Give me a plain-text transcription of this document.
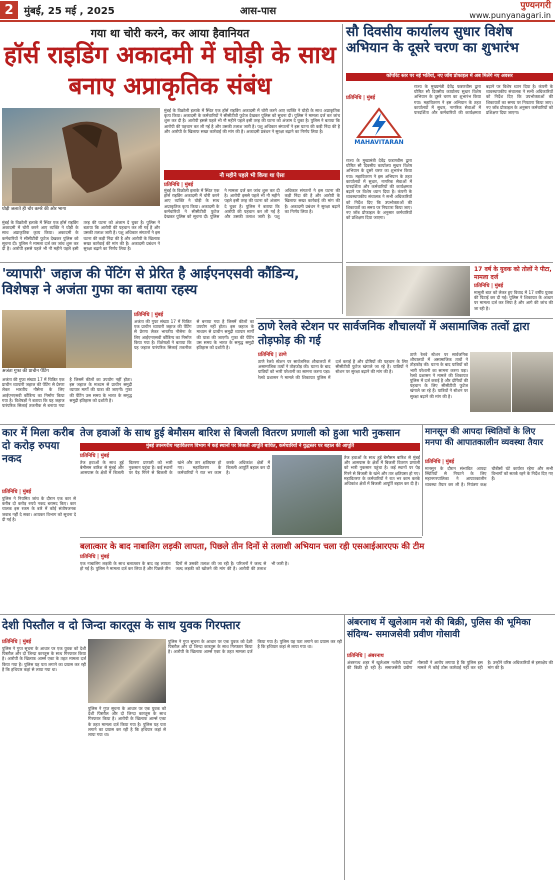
2	मुंबई, 25 मई , 2025	आस-पास	पुण्यनगरी
www.punyanagari.in
गया था चोरी करने, कर आया हैवानियत
हॉर्स राइडिंग अकादमी में घोड़ी के साथ बनाए अप्राकृतिक संबंध
घोड़ी जलाते ही चोर कमरे की ओर भागा
मुंबई के विक्रोली इलाके में स्थित एक हॉर्स राइडिंग अकादमी में चोरी करने आए व्यक्ति ने घोड़ी के साथ अप्राकृतिक कृत्य किया। अकादमी के कर्मचारियों ने सीसीटीवी फुटेज देखकर पुलिस को सूचना दी। पुलिस ने मामला दर्ज कर जांच शुरू कर दी है। आरोपी इससे पहले भी नौ महीने पहले इसी तरह की घटना को अंजाम दे चुका है। पुलिस ने बताया कि आरोपी की पहचान कर ली गई है और उसकी तलाश जारी है। पशु अधिकार संगठनों ने इस घटना की कड़ी निंदा की है और आरोपी के खिलाफ सख्त कार्रवाई की मांग की है। अकादमी प्रबंधन ने सुरक्षा बढ़ाने का निर्णय लिया है।
मुंबई के विक्रोली इलाके में स्थित एक हॉर्स राइडिंग अकादमी में चोरी करने आए व्यक्ति ने घोड़ी के साथ अप्राकृतिक कृत्य किया। अकादमी के कर्मचारियों ने सीसीटीवी फुटेज देखकर पुलिस को सूचना दी। पुलिस ने मामला दर्ज कर जांच शुरू कर दी है। आरोपी इससे पहले भी नौ महीने पहले इसी तरह की घटना को अंजाम दे चुका है। पुलिस ने बताया कि आरोपी की पहचान कर ली गई है और उसकी तलाश जारी है। पशु अधिकार संगठनों ने इस घटना की कड़ी निंदा की है और आरोपी के खिलाफ सख्त कार्रवाई की मांग की है। अकादमी प्रबंधन ने सुरक्षा बढ़ाने का निर्णय लिया है।
नौ महीने पहले भी किया था ऐसा
प्रतिनिधि | मुंबई
मुंबई के विक्रोली इलाके में स्थित एक हॉर्स राइडिंग अकादमी में चोरी करने आए व्यक्ति ने घोड़ी के साथ अप्राकृतिक कृत्य किया। अकादमी के कर्मचारियों ने सीसीटीवी फुटेज देखकर पुलिस को सूचना दी। पुलिस ने मामला दर्ज कर जांच शुरू कर दी है। आरोपी इससे पहले भी नौ महीने पहले इसी तरह की घटना को अंजाम दे चुका है। पुलिस ने बताया कि आरोपी की पहचान कर ली गई है और उसकी तलाश जारी है। पशु अधिकार संगठनों ने इस घटना की कड़ी निंदा की है और आरोपी के खिलाफ सख्त कार्रवाई की मांग की है। अकादमी प्रबंधन ने सुरक्षा बढ़ाने का निर्णय लिया है।
सौ दिवसीय कार्यालय सुधार विशेष अभियान के दूसरे चरण का शुभारंभ
कॉर्पोरेट स्तर पर नई भर्तियां, नए जॉब प्रोफाइल में अब मिलेंगे नए अवसर
प्रतिनिधि | मुंबई
MAHAVITARAN
राज्य के मुख्यमंत्री देवेंद्र फडणवीस द्वारा घोषित सौ दिवसीय कार्यालय सुधार विशेष अभियान के दूसरे चरण का शुभारंभ किया गया। महावितरण ने इस अभियान के तहत कार्यालयों में सुधार, नागरिक सेवाओं में पारदर्शिता और कर्मचारियों की कार्यक्षमता बढ़ाने पर विशेष ध्यान दिया है। कंपनी के व्यवस्थापकीय संचालक ने सभी अधिकारियों को निर्देश दिए कि उपभोक्ताओं की शिकायतों का समय पर निपटारा किया जाए। नए जॉब प्रोफाइल के अनुसार कर्मचारियों को प्रशिक्षण दिया जाएगा।
राज्य के मुख्यमंत्री देवेंद्र फडणवीस द्वारा घोषित सौ दिवसीय कार्यालय सुधार विशेष अभियान के दूसरे चरण का शुभारंभ किया गया। महावितरण ने इस अभियान के तहत कार्यालयों में सुधार, नागरिक सेवाओं में पारदर्शिता और कर्मचारियों की कार्यक्षमता बढ़ाने पर विशेष ध्यान दिया है। कंपनी के व्यवस्थापकीय संचालक ने सभी अधिकारियों को निर्देश दिए कि उपभोक्ताओं की शिकायतों का समय पर निपटारा किया जाए। नए जॉब प्रोफाइल के अनुसार कर्मचारियों को प्रशिक्षण दिया जाएगा।
17 वर्ष के युवक को तोलों ने पीटा, मामला दर्ज
प्रतिनिधि | मुंबई
मामूली बात को लेकर हुए विवाद में 17 वर्षीय युवक की पिटाई कर दी गई। पुलिस ने शिकायत के आधार पर मामला दर्ज कर लिया है और आगे की जांच की जा रही है।
'व्यापारी' जहाज की पेंटिंग से प्रेरित है आईएनएसवी कौंडिन्य, विशेषज्ञ ने अजंता गुफा का बताया रहस्य
अजंता गुफा की प्राचीन पेंटिंग
अजंता की गुफा संख्या 17 में चित्रित एक प्राचीन व्यापारी जहाज की पेंटिंग से प्रेरणा लेकर भारतीय नौसेना के लिए आईएनएसवी कौंडिन्य का निर्माण किया गया है। विशेषज्ञों ने बताया कि यह जहाज पारंपरिक सिलाई तकनीक से बनाया गया है जिसमें कीलों का उपयोग नहीं होता। इस जहाज के माध्यम से प्राचीन समुद्री व्यापार मार्गों की यात्रा की जाएगी। गुफा की पेंटिंग उस समय के भारत के समृद्ध समुद्री इतिहास को दर्शाती है।
प्रतिनिधि | मुंबई
अजंता की गुफा संख्या 17 में चित्रित एक प्राचीन व्यापारी जहाज की पेंटिंग से प्रेरणा लेकर भारतीय नौसेना के लिए आईएनएसवी कौंडिन्य का निर्माण किया गया है। विशेषज्ञों ने बताया कि यह जहाज पारंपरिक सिलाई तकनीक से बनाया गया है जिसमें कीलों का उपयोग नहीं होता। इस जहाज के माध्यम से प्राचीन समुद्री व्यापार मार्गों की यात्रा की जाएगी। गुफा की पेंटिंग उस समय के भारत के समृद्ध समुद्री इतिहास को दर्शाती है।
ठाणे रेलवे स्टेशन पर सार्वजनिक शौचालयों में असामाजिक तत्वों द्वारा तोड़फोड़ की गई
प्रतिनिधि | ठाणे
ठाणे रेलवे स्टेशन पर सार्वजनिक शौचालयों में असामाजिक तत्वों ने तोड़फोड़ की। घटना के बाद यात्रियों को भारी परेशानी का सामना करना पड़ा। रेलवे प्रशासन ने मामले की शिकायत पुलिस में दर्ज कराई है और दोषियों की पहचान के लिए सीसीटीवी फुटेज खंगाले जा रहे हैं। यात्रियों ने स्टेशन पर सुरक्षा बढ़ाने की मांग की है।
ठाणे रेलवे स्टेशन पर सार्वजनिक शौचालयों में असामाजिक तत्वों ने तोड़फोड़ की। घटना के बाद यात्रियों को भारी परेशानी का सामना करना पड़ा। रेलवे प्रशासन ने मामले की शिकायत पुलिस में दर्ज कराई है और दोषियों की पहचान के लिए सीसीटीवी फुटेज खंगाले जा रहे हैं। यात्रियों ने स्टेशन पर सुरक्षा बढ़ाने की मांग की है।
कार में मिला करीब दो करोड़ रुपया नकद
प्रतिनिधि | मुंबई
पुलिस ने नियमित जांच के दौरान एक कार से करीब दो करोड़ रुपये नकद बरामद किए। कार चालक इस रकम के बारे में कोई संतोषजनक जवाब नहीं दे सका। आयकर विभाग को सूचना दे दी गई है।
तेज हवाओं के साथ हुई बेमौसम बारिश से बिजली वितरण प्रणाली को हुआ भारी नुकसान
मुंबई उपनगरीय महावितरण विभाग में कई स्थानों पर बिजली आपूर्ति बाधित, कर्मचारियों ने युद्धस्तर पर बहाल की आपूर्ति
प्रतिनिधि | मुंबई
तेज हवाओं के साथ हुई बेमौसम बारिश से मुंबई और आसपास के क्षेत्रों में बिजली वितरण प्रणाली को भारी नुकसान पहुंचा है। कई स्थानों पर पेड़ गिरने से बिजली के खंभे और तार क्षतिग्रस्त हो गए। महावितरण के कर्मचारियों ने रात भर काम करके अधिकांश क्षेत्रों में बिजली आपूर्ति बहाल कर दी है।
तेज हवाओं के साथ हुई बेमौसम बारिश से मुंबई और आसपास के क्षेत्रों में बिजली वितरण प्रणाली को भारी नुकसान पहुंचा है। कई स्थानों पर पेड़ गिरने से बिजली के खंभे और तार क्षतिग्रस्त हो गए। महावितरण के कर्मचारियों ने रात भर काम करके अधिकांश क्षेत्रों में बिजली आपूर्ति बहाल कर दी है।
मानसून की आपदा स्थितियों के लिए मनपा की आपातकालीन व्यवस्था तैयार
प्रतिनिधि | मुंबई
मानसून के दौरान संभावित आपदा स्थितियों से निपटने के लिए महानगरपालिका ने आपातकालीन व्यवस्था तैयार कर ली है। नियंत्रण कक्ष चौबीसों घंटे कार्यरत रहेगा और सभी विभागों को सतर्क रहने के निर्देश दिए गए हैं।
बलात्कार के बाद नाबालिग लड़की लापता, पिछले तीन दिनों से तलाशी अभियान चला रही एसआईआरएफ की टीम
प्रतिनिधि | मुंबई
एक नाबालिग लड़की के साथ बलात्कार के बाद वह लापता हो गई है। पुलिस ने मामला दर्ज कर लिया है और पिछले तीन दिनों से उसकी तलाश की जा रही है। परिजनों ने जल्द से जल्द लड़की को खोजने की मांग की है। आरोपी की तलाश भी जारी है।
देशी पिस्तौल व दो जिन्दा कारतूस के साथ युवक गिरफ्तार
प्रतिनिधि | मुंबई
पुलिस ने गुप्त सूचना के आधार पर एक युवक को देशी पिस्तौल और दो जिन्दा कारतूस के साथ गिरफ्तार किया है। आरोपी के खिलाफ आर्म्स एक्ट के तहत मामला दर्ज किया गया है। पुलिस यह पता लगाने का प्रयास कर रही है कि हथियार कहां से लाया गया था।
पुलिस ने गुप्त सूचना के आधार पर एक युवक को देशी पिस्तौल और दो जिन्दा कारतूस के साथ गिरफ्तार किया है। आरोपी के खिलाफ आर्म्स एक्ट के तहत मामला दर्ज किया गया है। पुलिस यह पता लगाने का प्रयास कर रही है कि हथियार कहां से लाया गया था।
पुलिस ने गुप्त सूचना के आधार पर एक युवक को देशी पिस्तौल और दो जिन्दा कारतूस के साथ गिरफ्तार किया है। आरोपी के खिलाफ आर्म्स एक्ट के तहत मामला दर्ज किया गया है। पुलिस यह पता लगाने का प्रयास कर रही है कि हथियार कहां से लाया गया था।
अंबरनाथ में खुलेआम नशे की बिक्री, पुलिस की भूमिका संदिग्ध- समाजसेवी प्रवीण गोसावी
प्रतिनिधि | अंबरनाथ
अंबरनाथ शहर में खुलेआम नशीले पदार्थों की बिक्री हो रही है। समाजसेवी प्रवीण गोसावी ने आरोप लगाया है कि पुलिस इस मामले में कोई ठोस कार्रवाई नहीं कर रही है। उन्होंने वरिष्ठ अधिकारियों से हस्तक्षेप की मांग की है।
